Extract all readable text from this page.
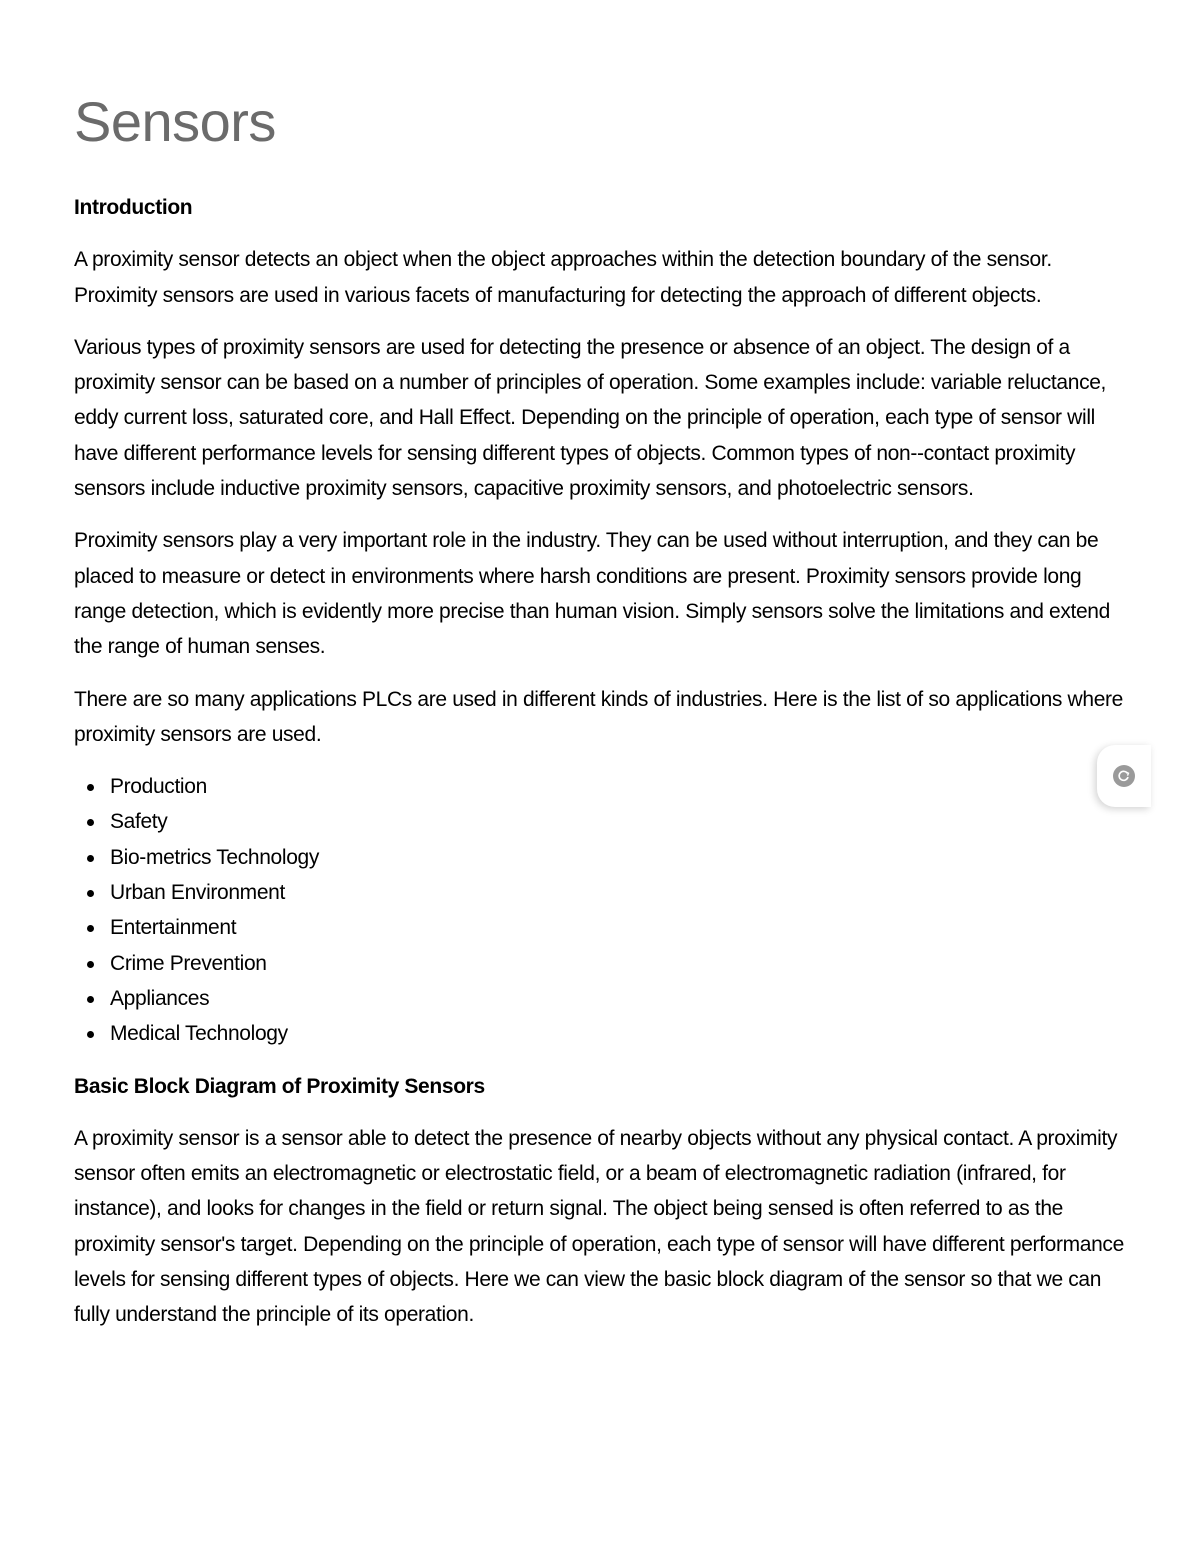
Sensors

Introduction

A proximity sensor detects an object when the object approaches within the detection boundary of the sensor. Proximity sensors are used in various facets of manufacturing for detecting the approach of different objects.

Various types of proximity sensors are used for detecting the presence or absence of an object. The design of a proximity sensor can be based on a number of principles of operation. Some examples include: variable reluctance, eddy current loss, saturated core, and Hall Effect. Depending on the principle of operation, each type of sensor will have different performance levels for sensing different types of objects. Common types of non--contact proximity sensors include inductive proximity sensors, capacitive proximity sensors, and photoelectric sensors.

Proximity sensors play a very important role in the industry. They can be used without interruption, and they can be placed to measure or detect in environments where harsh conditions are present. Proximity sensors provide long range detection, which is evidently more precise than human vision. Simply sensors solve the limitations and extend the range of human senses.

There are so many applications PLCs are used in different kinds of industries. Here is the list of so applications where proximity sensors are used.

Production
Safety
Bio-metrics Technology
Urban Environment
Entertainment
Crime Prevention
Appliances
Medical Technology

Basic Block Diagram of Proximity Sensors

A proximity sensor is a sensor able to detect the presence of nearby objects without any physical contact. A proximity sensor often emits an electromagnetic or electrostatic field, or a beam of electromagnetic radiation (infrared, for instance), and looks for changes in the field or return signal. The object being sensed is often referred to as the proximity sensor's target. Depending on the principle of operation, each type of sensor will have different performance levels for sensing different types of objects. Here we can view the basic block diagram of the sensor so that we can fully understand the principle of its operation.
